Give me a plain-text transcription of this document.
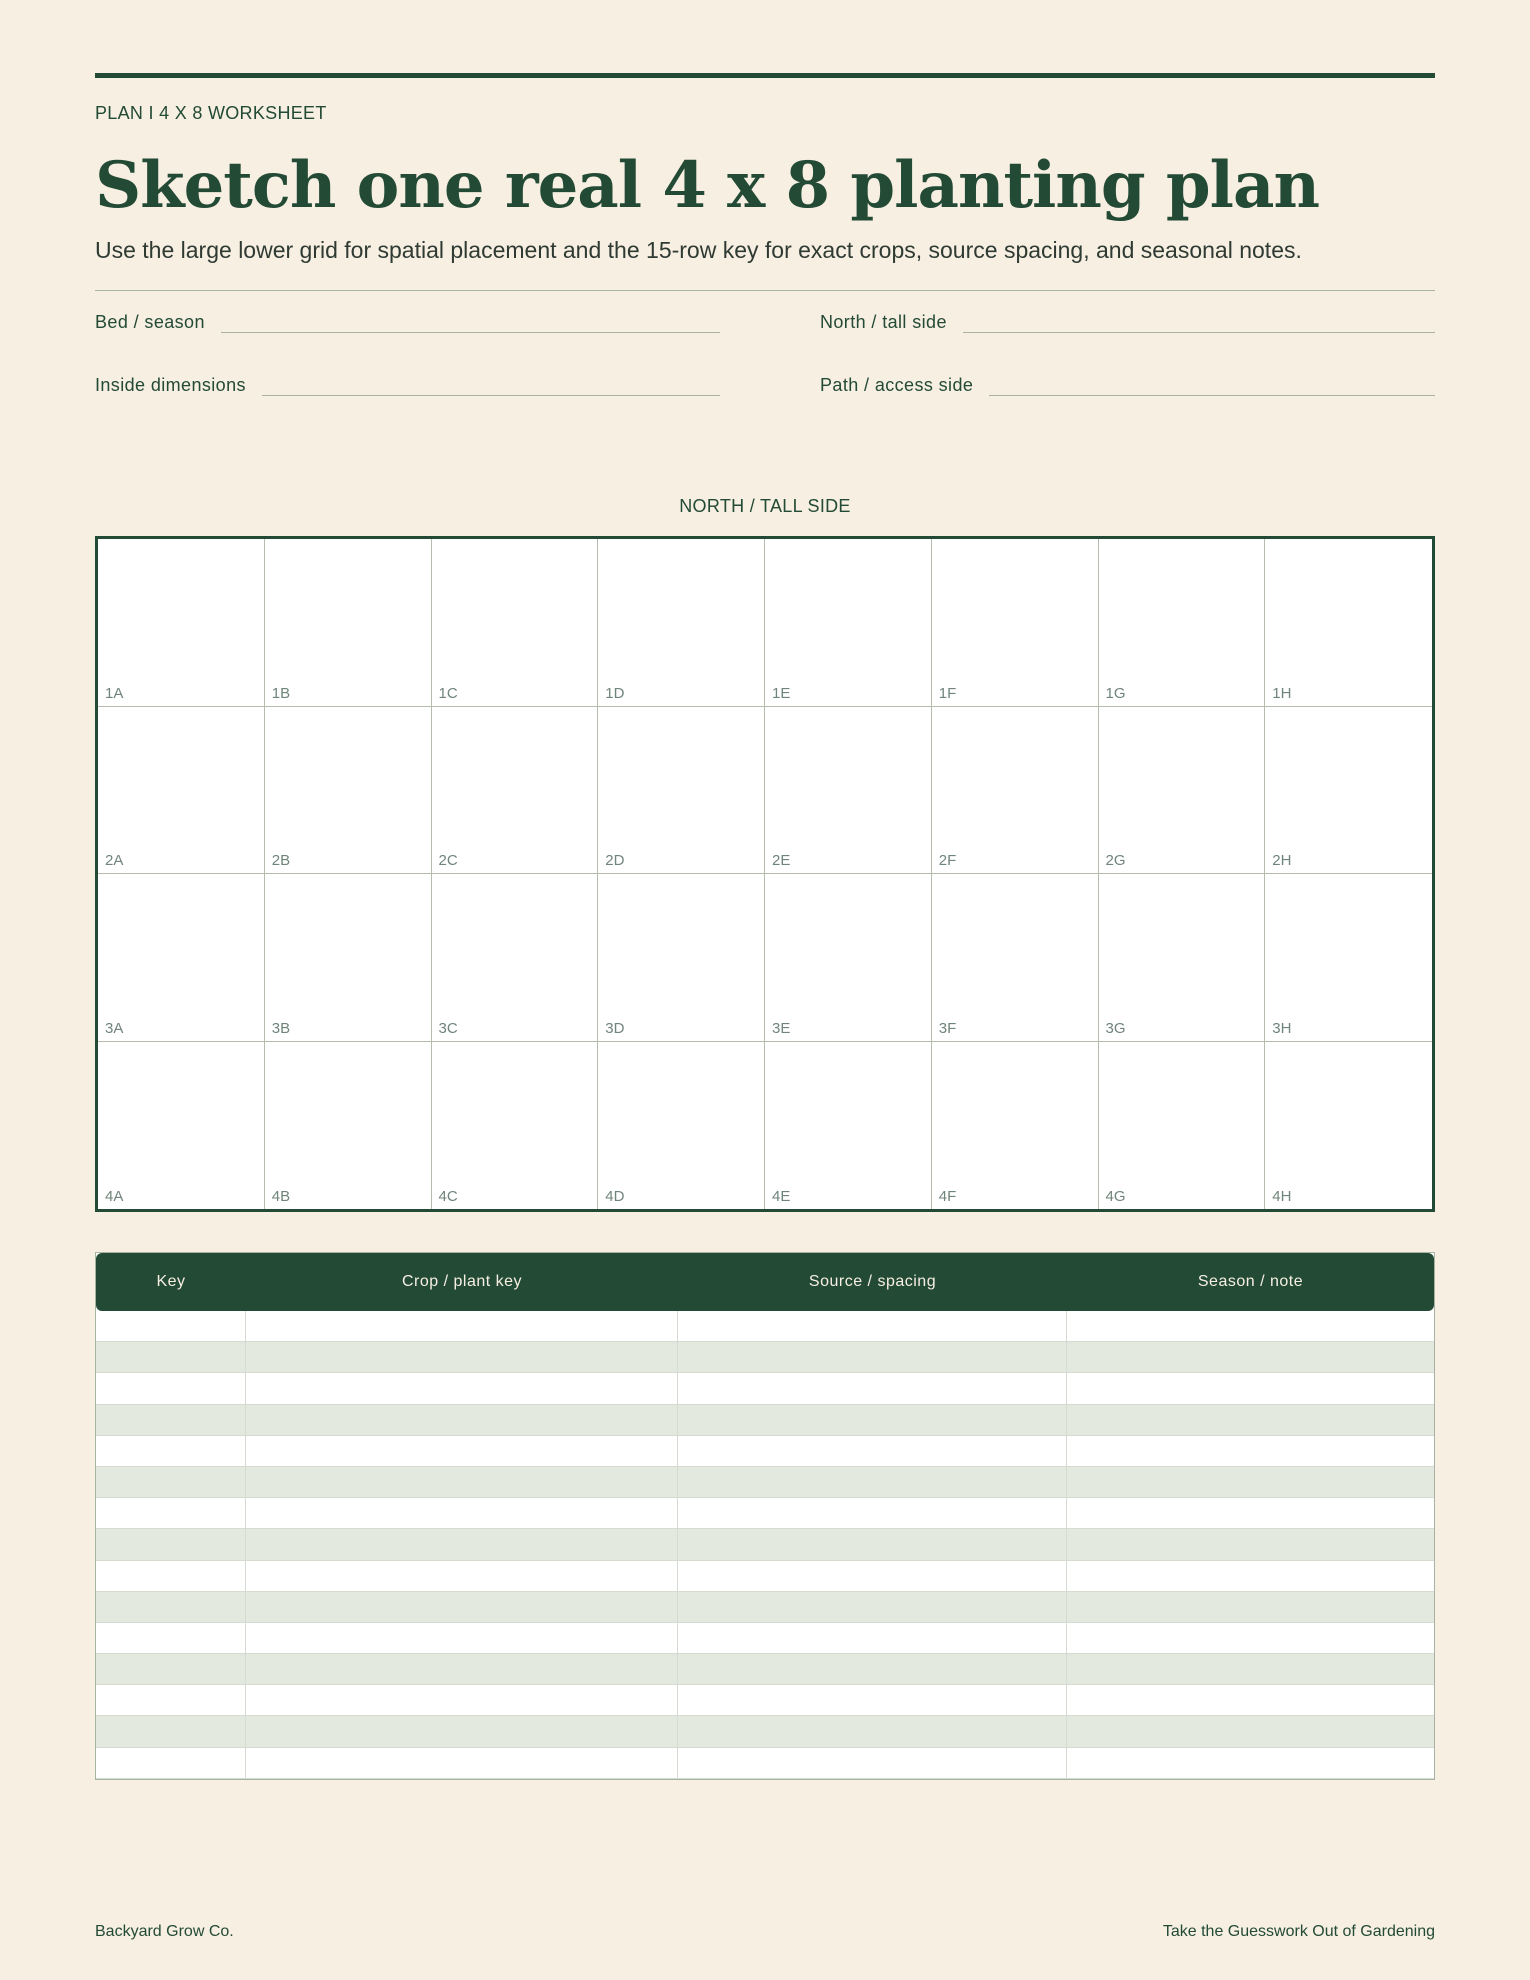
PLAN I 4 X 8 WORKSHEET
Sketch one real 4 x 8 planting plan
Use the large lower grid for spatial placement and the 15-row key for exact crops, source spacing, and seasonal notes.
Bed / season	North / tall side
Inside dimensions	Path / access side
NORTH / TALL SIDE
1A	1B	1C	1D	1E	1F	1G	1H
2A	2B	2C	2D	2E	2F	2G	2H
3A	3B	3C	3D	3E	3F	3G	3H
4A	4B	4C	4D	4E	4F	4G	4H
Key	Crop / plant key	Source / spacing	Season / note
Backyard Grow Co.	Take the Guesswork Out of Gardening
